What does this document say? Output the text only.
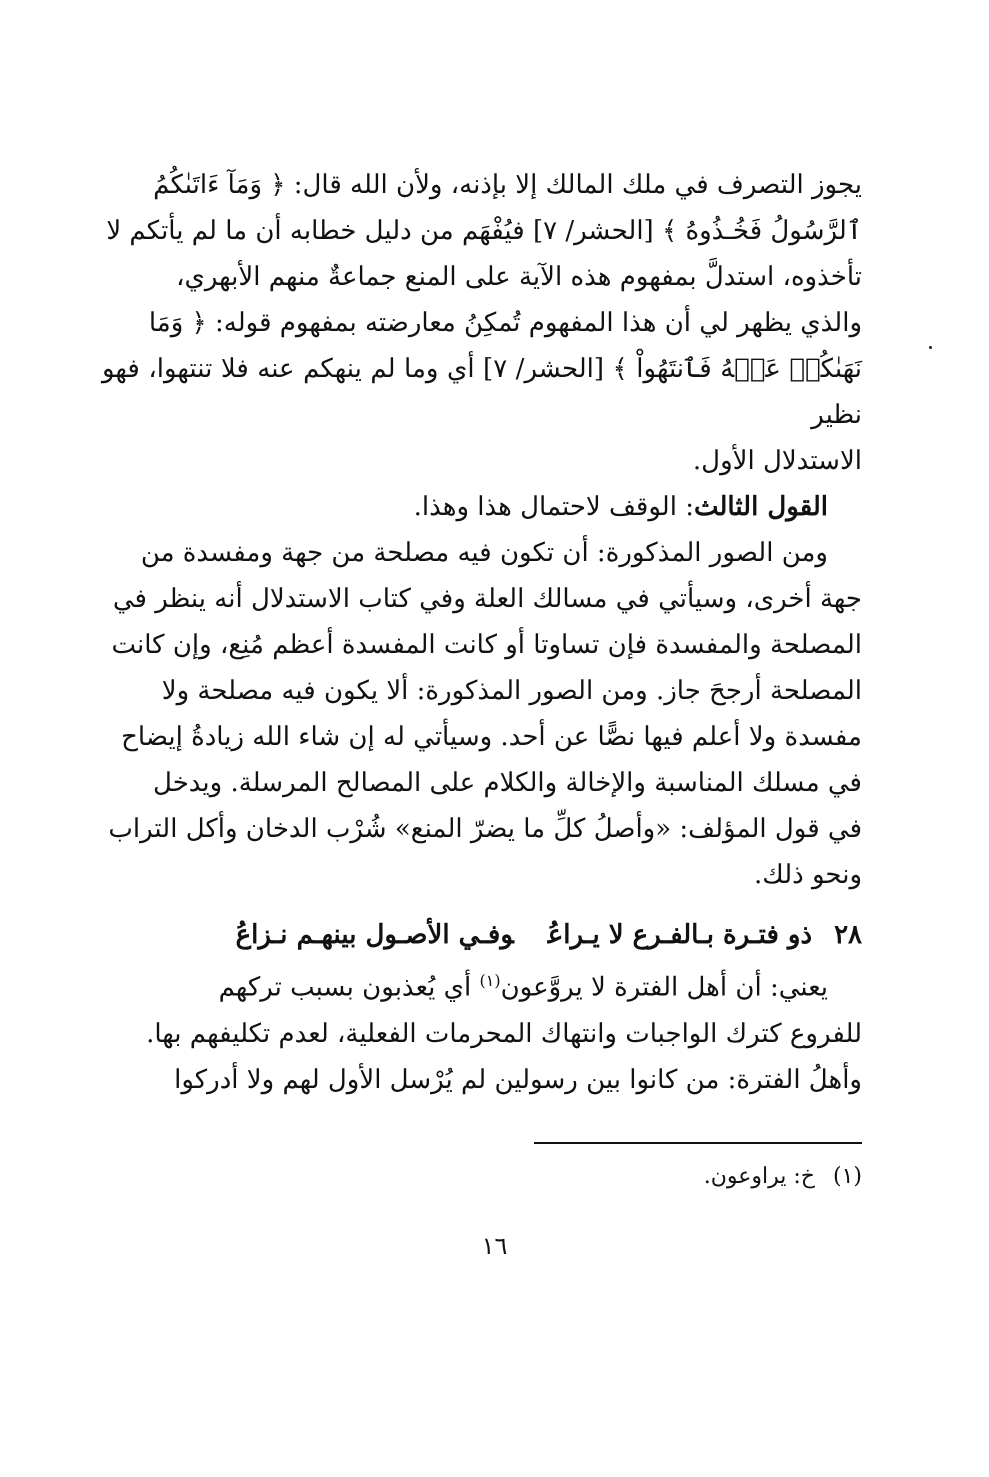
يجوز التصرف في ملك المالك إلا بإذنه، ولأن الله قال: ﴿ وَمَآ ءَاتَىٰكُمُ
ٱلرَّسُولُ فَخُـذُوهُ ﴾ [الحشر/ ٧] فيُفْهَم من دليل خطابه أن ما لم يأتكم لا
تأخذوه، استدلَّ بمفهوم هذه الآية على المنع جماعةٌ منهم الأبهري،
والذي يظهر لي أن هذا المفهوم تُمكِنُ معارضته بمفهوم قوله: ﴿ وَمَا
نَهَىٰكُمۡ عَنۡهُ فَٱنتَهُواْ ﴾ [الحشر/ ٧] أي وما لم ينهكم عنه فلا تنتهوا، فهو نظير
الاستدلال الأول.

القول الثالث: الوقف لاحتمال هذا وهذا.

ومن الصور المذكورة: أن تكون فيه مصلحة من جهة ومفسدة من
جهة أخرى، وسيأتي في مسالك العلة وفي كتاب الاستدلال أنه ينظر في
المصلحة والمفسدة فإن تساوتا أو كانت المفسدة أعظم مُنِع، وإن كانت
المصلحة أرجحَ جاز. ومن الصور المذكورة: ألا يكون فيه مصلحة ولا
مفسدة ولا أعلم فيها نصًّا عن أحد. وسيأتي له إن شاء الله زيادةُ إيضاح
في مسلك المناسبة والإخالة والكلام على المصالح المرسلة. ويدخل
في قول المؤلف: «وأصلُ كلِّ ما يضرّ المنع» شُرْب الدخان وأكل التراب
ونحو ذلك.

٢٨ذو فتـرة بـالفـرع لا يـراعُوفـي الأصـول بينهـم نـزاعُ

يعني: أن أهل الفترة لا يروَّعون$^{(١)}$ أي يُعذبون بسبب تركهم
للفروع كترك الواجبات وانتهاك المحرمات الفعلية، لعدم تكليفهم بها.
وأهلُ الفترة: من كانوا بين رسولين لم يُرْسل الأول لهم ولا أدركوا

(١)خ: يراوعون.
١٦
